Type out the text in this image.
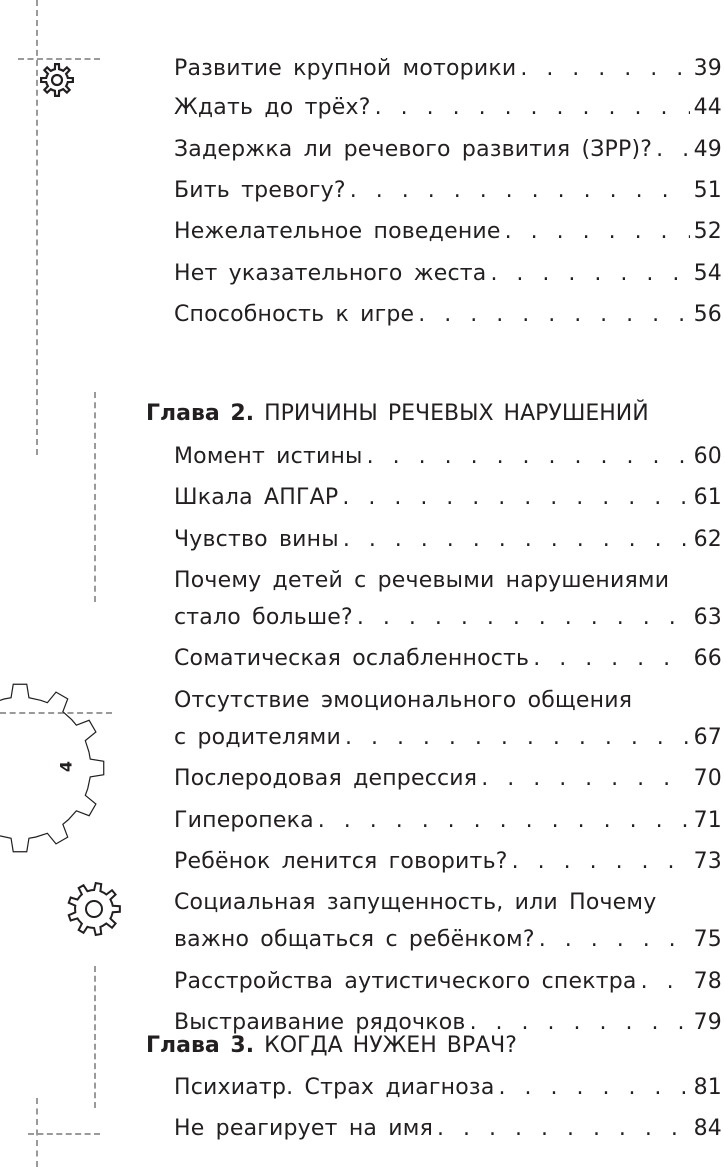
4
Развитие крупной моторики . . .	39
Ждать до трёх? . . .	44
Задержка ли речевого развития (ЗРР)? . . . 49
Бить тревогу? . . .	51
Нежелательное поведение . . .	52
Нет указательного жеста . . .	54
Способность к игре . . .	56
Глава 2. ПРИЧИНЫ РЕЧЕВЫХ НАРУШЕНИЙ
Момент истины . . .	60
Шкала АПГАР . . .	61
Чувство вины . . .	62
Почему детей с речевыми нарушениями
стало больше? . . .	63
Соматическая ослабленность . . .	66
Отсутствие эмоционального общения
с родителями . . .	67
Послеродовая депрессия . . .	70
Гиперопека . . .	71
Ребёнок ленится говорить? . . .	73
Социальная запущенность, или Почему
важно общаться с ребёнком? . . .	75
Расстройства аутистического спектра . . .	78
Выстраивание рядочков . . .	79
Глава 3. КОГДА НУЖЕН ВРАЧ?
Психиатр. Страх диагноза . . .	81
Не реагирует на имя . . .	84
